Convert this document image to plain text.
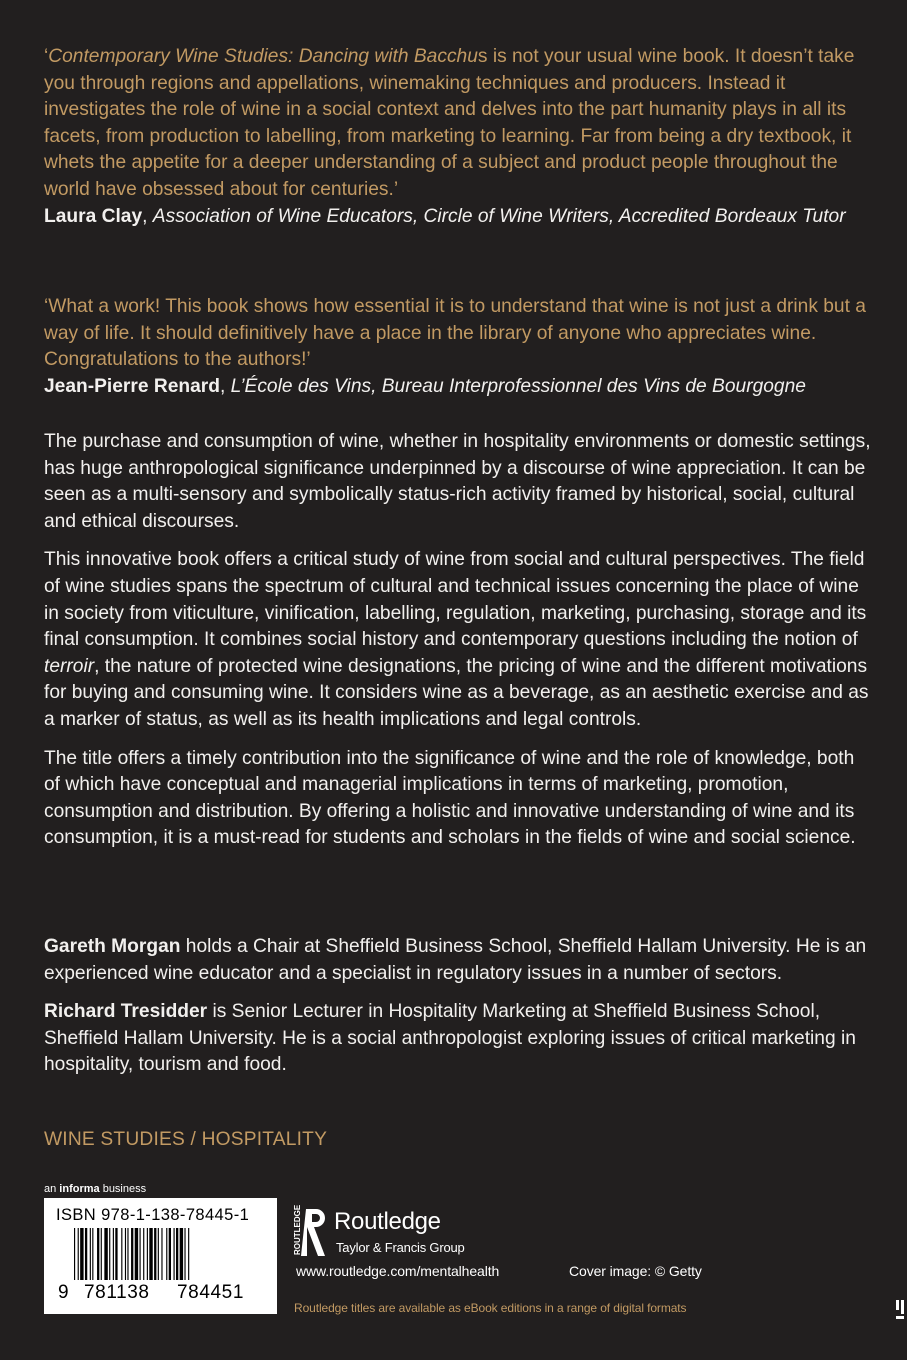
‘Contemporary Wine Studies: Dancing with Bacchus is not your usual wine book. It doesn’t take you through regions and appellations, winemaking techniques and producers. Instead it investigates the role of wine in a social context and delves into the part humanity plays in all its facets, from production to labelling, from marketing to learning. Far from being a dry textbook, it whets the appetite for a deeper understanding of a subject and product people throughout the world have obsessed about for centuries.’

Laura Clay, Association of Wine Educators, Circle of Wine Writers, Accredited Bordeaux Tutor

‘What a work! This book shows how essential it is to understand that wine is not just a drink but a way of life. It should definitively have a place in the library of anyone who appreciates wine. Congratulations to the authors!’

Jean-Pierre Renard, L’École des Vins, Bureau Interprofessionnel des Vins de Bourgogne

The purchase and consumption of wine, whether in hospitality environments or domestic settings, has huge anthropological significance underpinned by a discourse of wine appreciation. It can be seen as a multi-sensory and symbolically status-rich activity framed by historical, social, cultural and ethical discourses.

This innovative book offers a critical study of wine from social and cultural perspectives. The field of wine studies spans the spectrum of cultural and technical issues concerning the place of wine in society from viticulture, vinification, labelling, regulation, marketing, purchasing, storage and its final consumption. It combines social history and contemporary questions including the notion of terroir, the nature of protected wine designations, the pricing of wine and the different motivations for buying and consuming wine. It considers wine as a beverage, as an aesthetic exercise and as a marker of status, as well as its health implications and legal controls.

The title offers a timely contribution into the significance of wine and the role of knowledge, both of which have conceptual and managerial implications in terms of marketing, promotion, consumption and distribution. By offering a holistic and innovative understanding of wine and its consumption, it is a must-read for students and scholars in the fields of wine and social science.

Gareth Morgan holds a Chair at Sheffield Business School, Sheffield Hallam University. He is an experienced wine educator and a specialist in regulatory issues in a number of sectors.

Richard Tresidder is Senior Lecturer in Hospitality Marketing at Sheffield Business School, Sheffield Hallam University. He is a social anthropologist exploring issues of critical marketing in hospitality, tourism and food.

WINE STUDIES / HOSPITALITY
an informa business
ISBN 978-1-138-78445-1
9 781138 784451
ROUTLEDGE Routledge
Taylor & Francis Group
www.routledge.com/mentalhealth	Cover image: © Getty
Routledge titles are available as eBook editions in a range of digital formats
